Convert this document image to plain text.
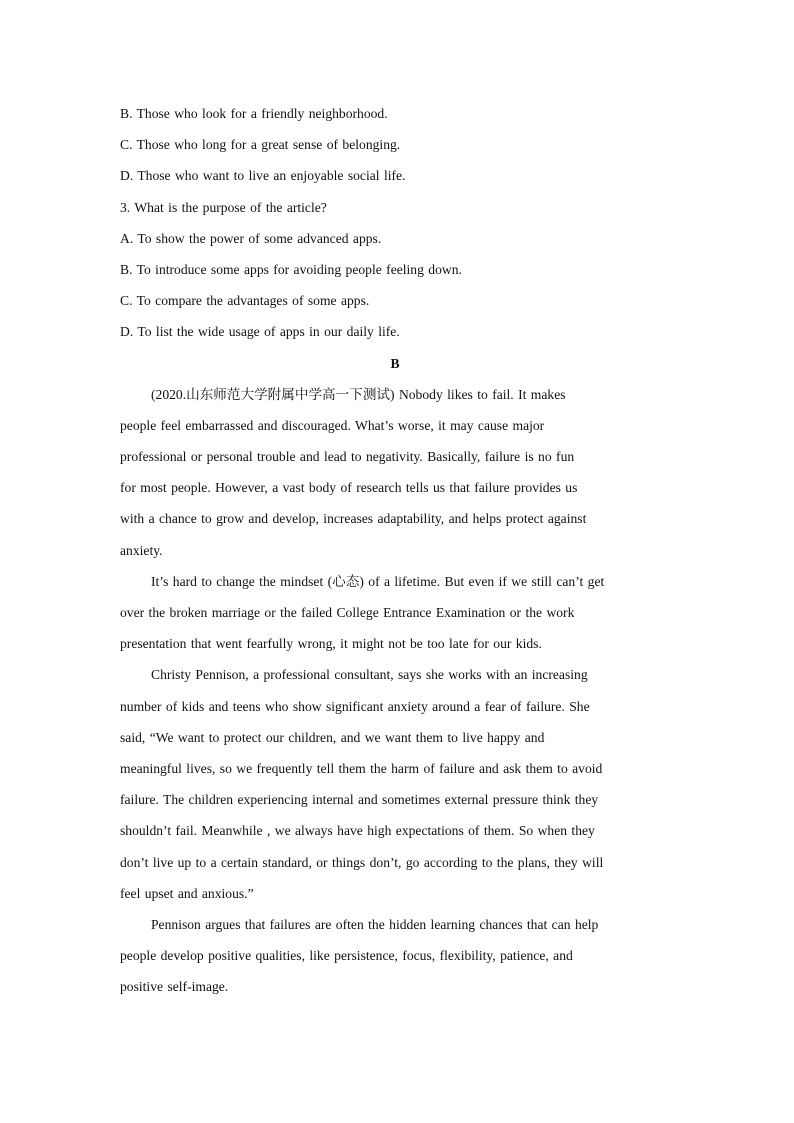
B. Those who look for a friendly neighborhood.
C. Those who long for a great sense of belonging.
D. Those who want to live an enjoyable social life.
3. What is the purpose of the article?
A. To show the power of some advanced apps.
B. To introduce some apps for avoiding people feeling down.
C. To compare the advantages of some apps.
D. To list the wide usage of apps in our daily life.
B
(2020.山东师范大学附属中学高一下测试) Nobody likes to fail. It makes
people feel embarrassed and discouraged. What’s worse, it may cause major
professional or personal trouble and lead to negativity. Basically, failure is no fun
for most people. However, a vast body of research tells us that failure provides us
with a chance to grow and develop, increases adaptability, and helps protect against
anxiety.
It’s hard to change the mindset (心态) of a lifetime. But even if we still can’t get
over the broken marriage or the failed College Entrance Examination or the work
presentation that went fearfully wrong, it might not be too late for our kids.
Christy Pennison, a professional consultant, says she works with an increasing
number of kids and teens who show significant anxiety around a fear of failure. She
said, “We want to protect our children, and we want them to live happy and
meaningful lives, so we frequently tell them the harm of failure and ask them to avoid
failure. The children experiencing internal and sometimes external pressure think they
shouldn’t fail. Meanwhile , we always have high expectations of them. So when they
don’t live up to a certain standard, or things don’t, go according to the plans, they will
feel upset and anxious.”
Pennison argues that failures are often the hidden learning chances that can help
people develop positive qualities, like persistence, focus, flexibility, patience, and
positive self-image.
